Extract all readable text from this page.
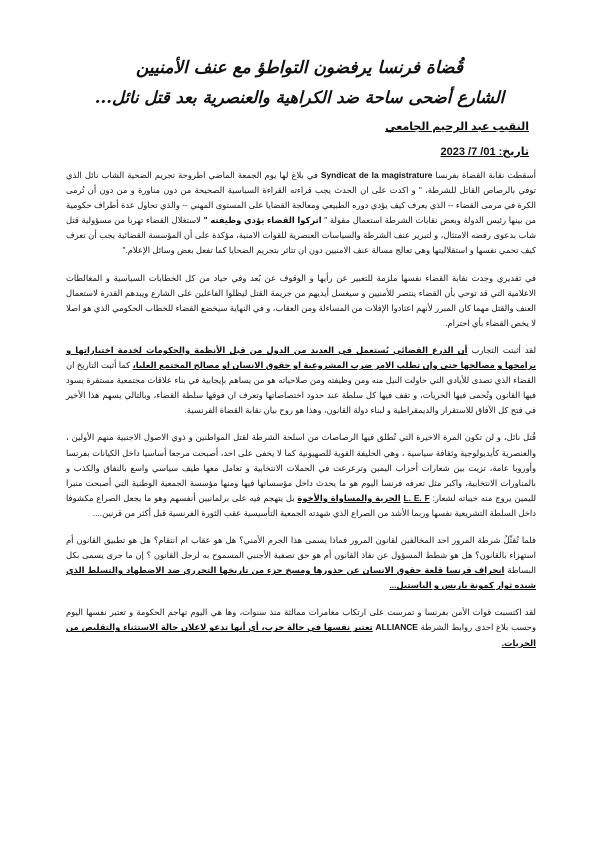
قُضاة فرنسا يرفضون التواطؤ مع عنف الأمنيين
الشارع أضحى ساحة ضد الكراهية والعنصرية بعد قتل نائل...
النقيب عبد الرحيم الجامعي
تاريخ: 01/ 7/ 2023

أسقطت نقابة القضاة بفرنسا Syndicat de la magistrature في بلاغ لها يوم الجمعة الماضي اطروحة تجريم الضحية الشاب نائل الذي توفي بالرصاص القاتل للشرطة، " و اكدت على ان الحدث يجب قراءته القراءة السياسية الصحيحة من دون مناورة و من دون أن تُرمى الكرة في مرمى القضاء -- الذي يعرف كيف يؤدي دوره الطبيعي ومعالجة القضايا على المستوى المهني -- والذي تحاول عدة أطراف حكومية من بينها رئيس الدولة وبعض نقابات الشرطة استعمال مقولة " اتركوا القضاء يؤدي وظيفته " لاستغلال القضاء تهربا من مسؤولية قتل شاب بدعوى رفضه الامتثال، و لتبرير عنف الشرطة والسياسات العنصرية للقوات الامنية، مؤكدة على أن المؤسسة القضائية يجب أن تعرف كيف تحمي نفسها و استقلاليتها وهي تعالج مسالة عنف الامنيين دون ان تتاثر بتجريم الضحايا كما تفعل بعض وسائل الإعلام."

في تقديري وجدت نقابة القضاء نفسها ملزمة للتعبير عن رأيها و الوقوف عن بُعد وفي حياد من كل الخطابات السياسية و المغالطات الاعلامية التي قد توحي بأن القضاء ينتصر للأمنيين و سيغسل أيديهم من جريمة القتل ليظلوا الفاعلين على الشارع ويبدهم القدرة لاستعمال العنف والقتل مهما كان المبرر لأنهم اعتادوا الإفلات من المساءلة ومن العقاب، و في النهاية سيخضع القضاء للخطاب الحكومي الذي هو اصلا لا يخص القضاء بأي احترام.

لقد أثبتت التجارب أن الدرع القضائي يُستعمل في العديد من الدول من قبل الأنظمة والحكومات لخدمة اختياراتها و برامجها و مصالحها حتى وإن تطلب الامر ضرب المشروعية او حقوق الانسان او مصالح المجتمع العليا، كما أثبت التاريخ ان القضاء الذي تصدى للأيادي التي حاولت النيل منه ومن وظيفته ومن صلاحياته هو من يساهم بإيجابية في بناء علاقات مجتمعية مستقرة يسود فيها القانون وتُحمى فيها الحريات، و تقف فيها كل سلطة عند حدود اختصاصاتها وتعرف ان فوقها سلطة القضاء، وبالتالي يسهم هذا الأخير في فتح كل الآفاق للاستقرار والديمقراطية و لبناء دولة القانون، وهذا هو روح بيان نقابة القضاة الفرنسية.

قُتل نائل، و لن تكون المرة الاخيرة التي تُطلق فيها الرصاصات من اسلحة الشرطة لقتل المواطنين و ذوي الاصول الاجنبية منهم الأولين ، والعنصرية كأيديولوجية وثقافة سياسية ، وهي الحليفة القوية للصهيونية كما لا يخفى على احد، أصبحت مرجعا أساسيا داخل الكيانات بفرنسا وأوروبا عامة، تزيت بين شعارات أحزاب اليمين وترعرعت في الحملات الانتخابية و تعامل معها طيف سياسي واسع بالنفاق والكذب و بالمناورات الانتخابية، واكبر مثل تعرفه فرنسا اليوم هو ما يحدث داخل مؤسساتها فيها ومنها مؤسسة الجمعية الوطنية التي أصبحت منبرا لليمين يروج منه خيباته لشعار: L. E. F الحرية والمساواة والأخوة بل يتهجم فيه على برلمانيين أنفسهم وهو ما يجعل الصراع مكشوفا داخل السلطة التشريعية نفسها وربما الأشد من الصراع الذي شهدته الجمعية التأسيسية عقب الثورة الفرنسية قبل أكثر من قرنين....

فلما تُقتِّلُ شرطة المرور احد المخالفين لقانون المرور فماذا يسمى هذا الجرم الأمني؟ هل هو عقاب ام انتقام؟ هل هو تطبيق القانون أم استهزاء بالقانون؟ هل هو شطط المسؤول عن نفاذ القانون أم هو حق تصفية الأجنبي المسموح به لرجل القانون ؟ إن ما جرى يسمى بكل البساطة انحراف فرنسا قلعة حقوق الانسان عن جذورها ومسخ جزء من تاريخها التحرري ضد الاضطهاد والتسلط الذي شيده ثوار كمونة باريس و الباستيل...

لقد اكتسبت قوات الأمن بفرنسا و تمرست على ارتكاب مغامرات ممالثة منذ سنوات، وها هي اليوم تهاجم الحكومة و تعتبر نفسها اليوم وحسب بلاغ احدى روابط الشرطة ALLIANCE تعتبر نفسها في حالة حرب، أي أنها تدعو لاعلان حالة الاستثناء والتقليص من الحريات.
